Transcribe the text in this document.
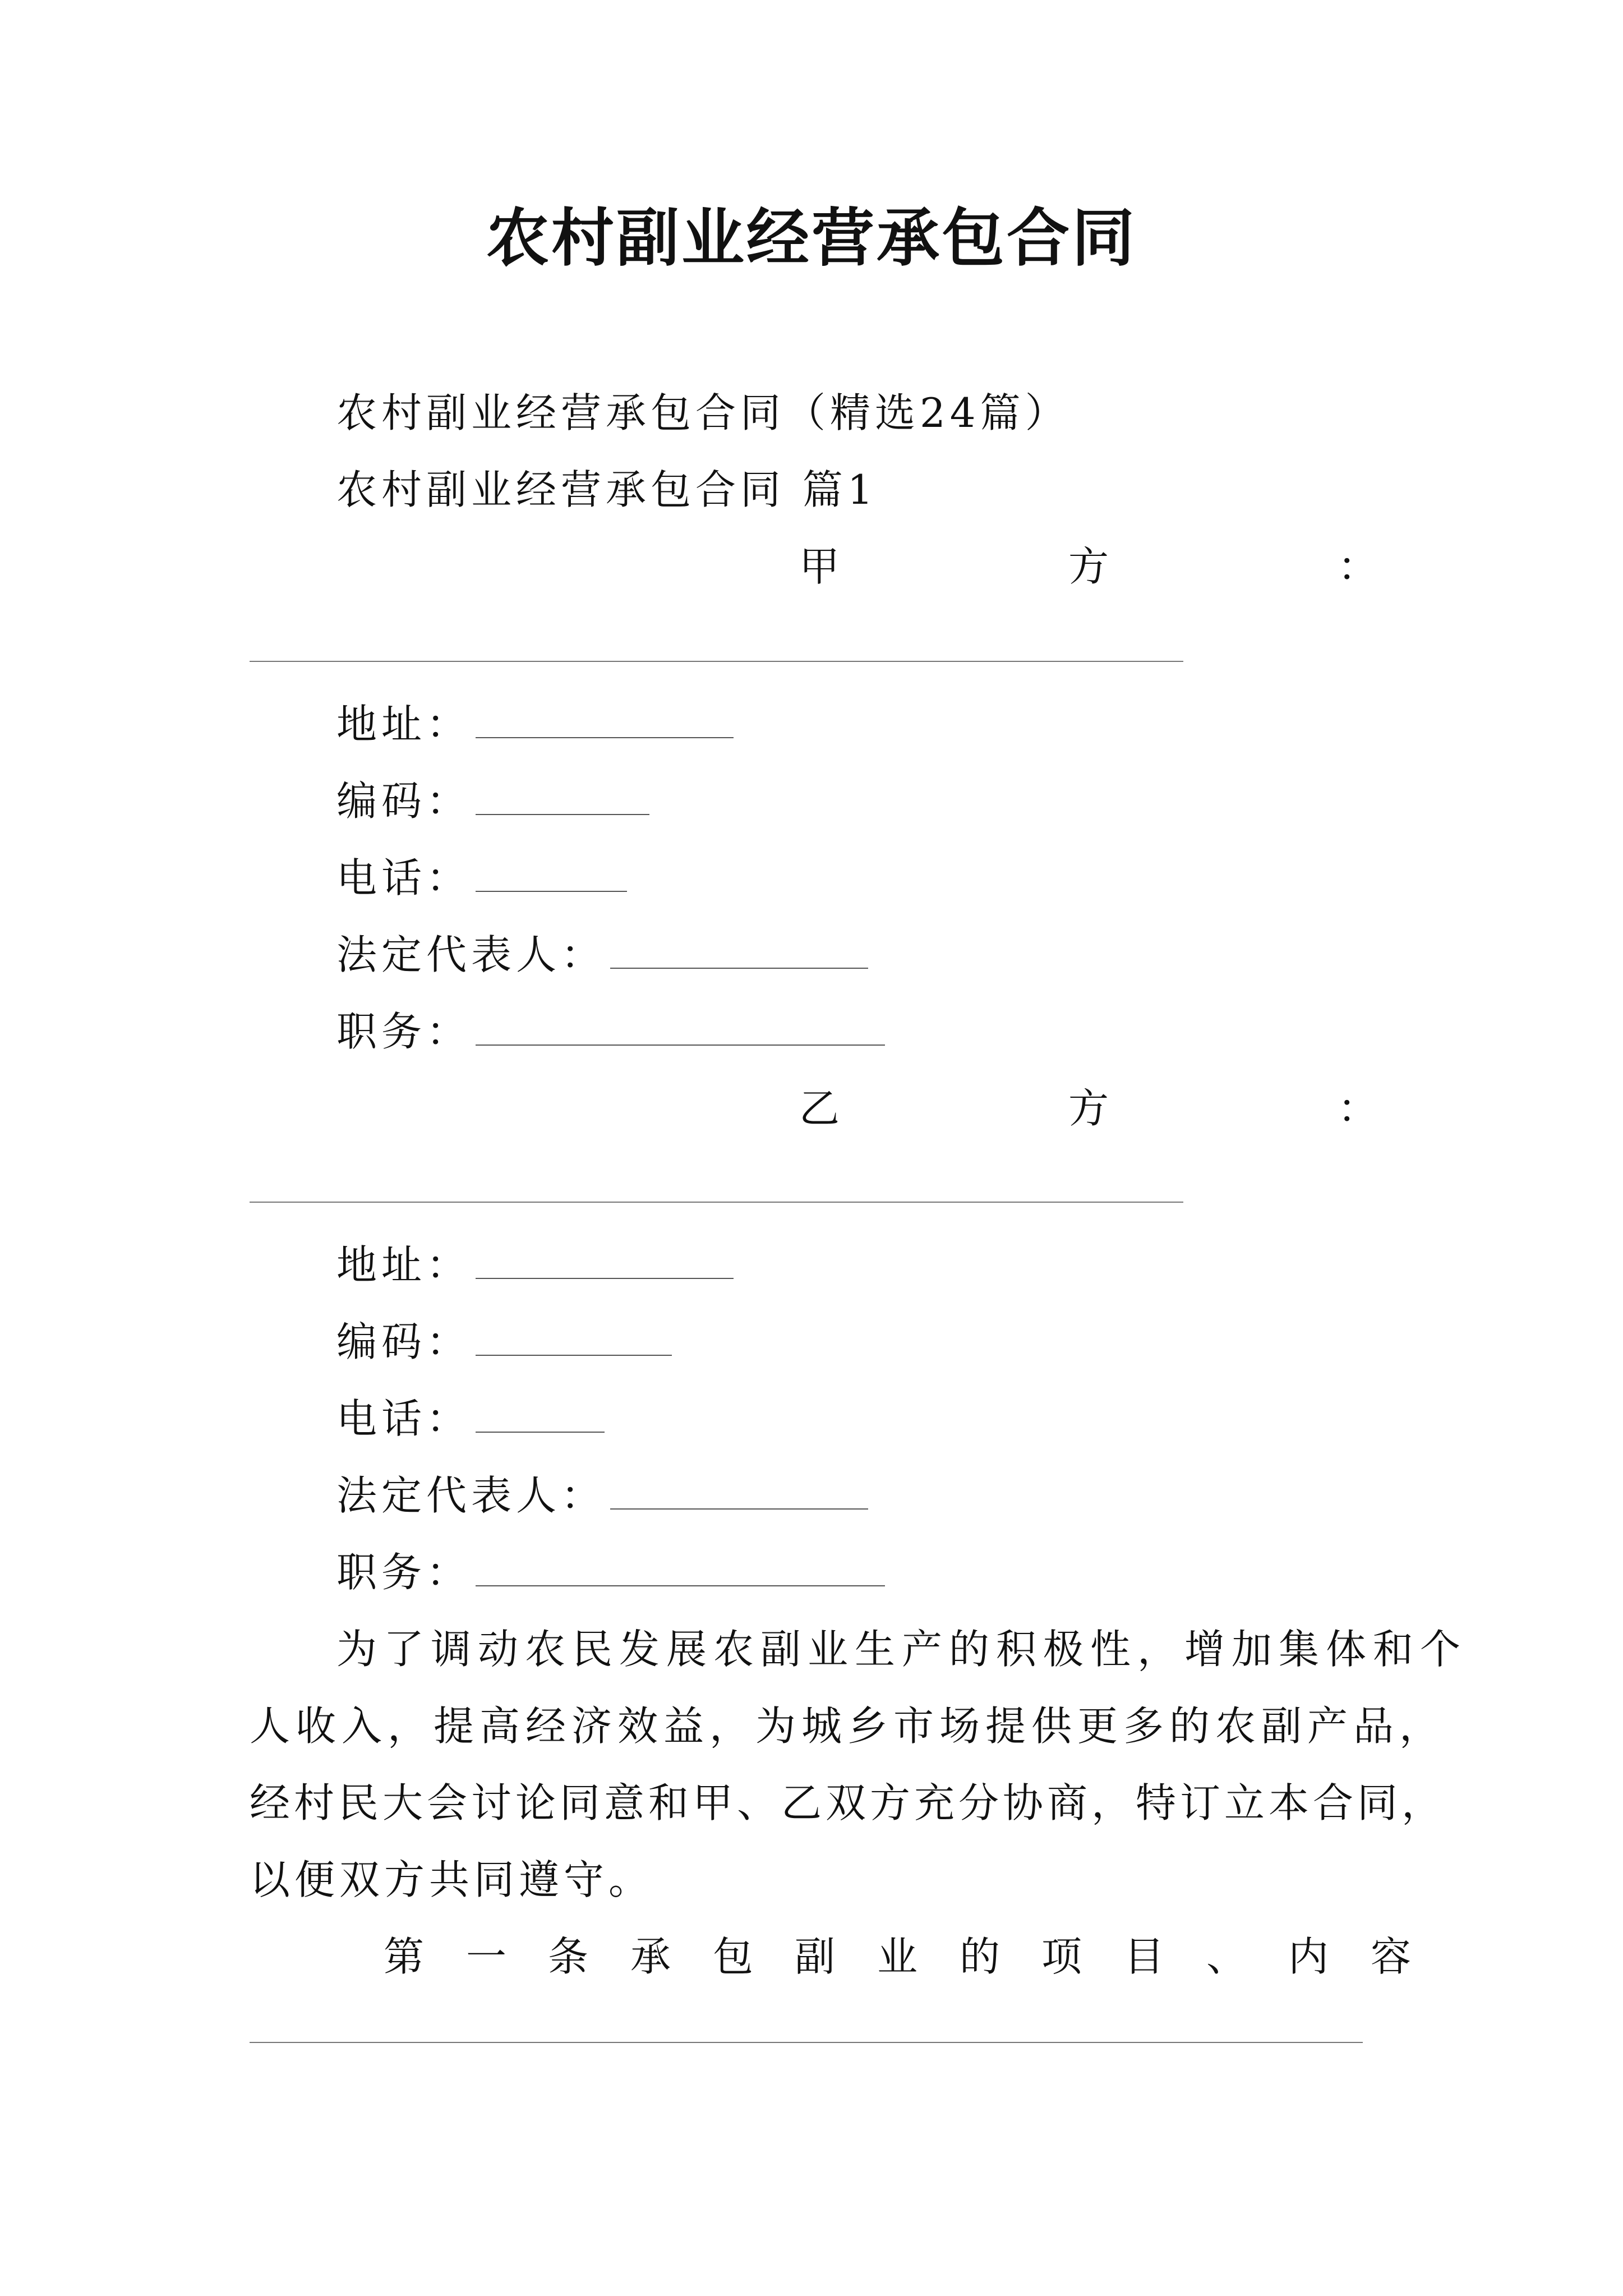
农村副业经营承包合同
农村副业经营承包合同（精选24篇）
农村副业经营承包合同 篇1
甲	方	：
地址：
编码：
电话：
法定代表人：
职务：
乙	方	：
地址：
编码：
电话：
法定代表人：
职务：
为了调动农民发展农副业生产的积极性，增加集体和个
人收入，提高经济效益，为城乡市场提供更多的农副产品，
经村民大会讨论同意和甲、乙双方充分协商，特订立本合同，
以便双方共同遵守。
第 一 条 承 包 副 业 的 项 目 、 内 容
